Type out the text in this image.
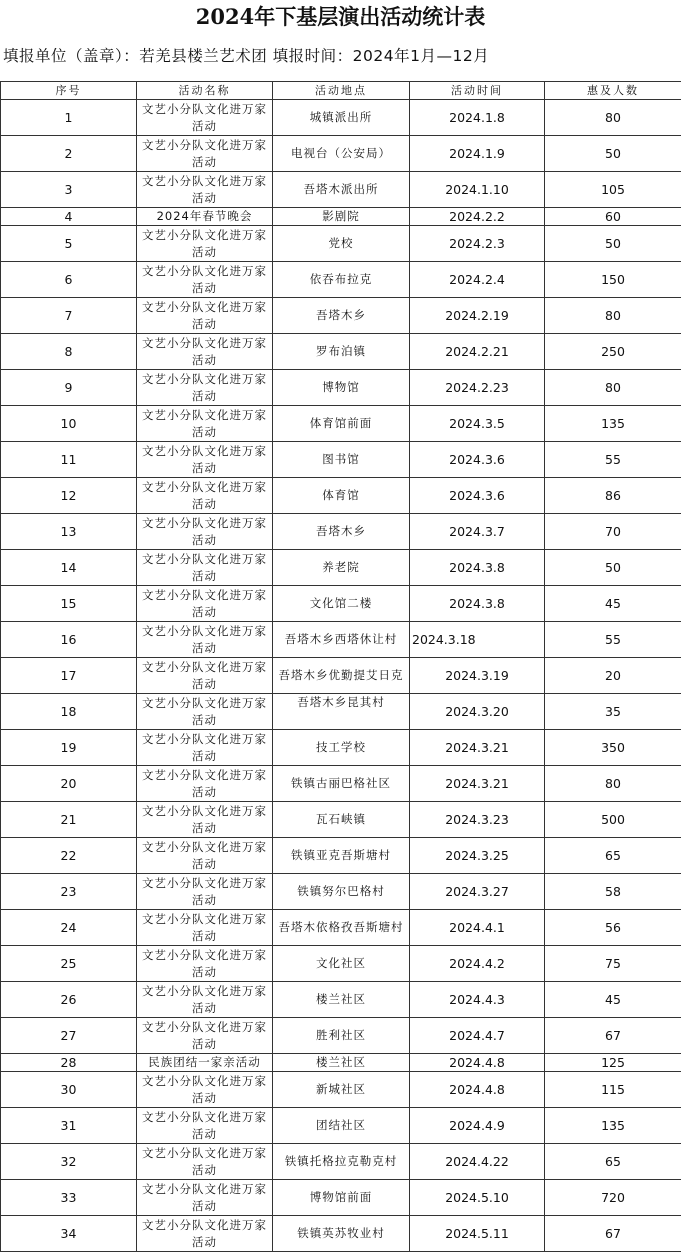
2024年下基层演出活动统计表
填报单位（盖章）：若羌县楼兰艺术团 填报时间：2024年1月—12月
序号	活动名称	活动地点	活动时间	惠及人数
1	文艺小分队文化进万家活动	城镇派出所	2024.1.8	80
2	文艺小分队文化进万家活动	电视台（公安局）	2024.1.9	50
3	文艺小分队文化进万家活动	吾塔木派出所	2024.1.10	105
4	2024年春节晚会	影剧院	2024.2.2	60
5	文艺小分队文化进万家活动	党校	2024.2.3	50
6	文艺小分队文化进万家活动	依吞布拉克	2024.2.4	150
7	文艺小分队文化进万家活动	吾塔木乡	2024.2.19	80
8	文艺小分队文化进万家活动	罗布泊镇	2024.2.21	250
9	文艺小分队文化进万家活动	博物馆	2024.2.23	80
10	文艺小分队文化进万家活动	体育馆前面	2024.3.5	135
11	文艺小分队文化进万家活动	图书馆	2024.3.6	55
12	文艺小分队文化进万家活动	体育馆	2024.3.6	86
13	文艺小分队文化进万家活动	吾塔木乡	2024.3.7	70
14	文艺小分队文化进万家活动	养老院	2024.3.8	50
15	文艺小分队文化进万家活动	文化馆二楼	2024.3.8	45
16	文艺小分队文化进万家活动	吾塔木乡西塔休让村	2024.3.18	55
17	文艺小分队文化进万家活动	吾塔木乡优勤提艾日克	2024.3.19	20
18	文艺小分队文化进万家活动	吾塔木乡昆其村	2024.3.20	35
19	文艺小分队文化进万家活动	技工学校	2024.3.21	350
20	文艺小分队文化进万家活动	铁镇古丽巴格社区	2024.3.21	80
21	文艺小分队文化进万家活动	瓦石峡镇	2024.3.23	500
22	文艺小分队文化进万家活动	铁镇亚克吾斯塘村	2024.3.25	65
23	文艺小分队文化进万家活动	铁镇努尔巴格村	2024.3.27	58
24	文艺小分队文化进万家活动	吾塔木依格孜吾斯塘村	2024.4.1	56
25	文艺小分队文化进万家活动	文化社区	2024.4.2	75
26	文艺小分队文化进万家活动	楼兰社区	2024.4.3	45
27	文艺小分队文化进万家活动	胜利社区	2024.4.7	67
28	民族团结一家亲活动	楼兰社区	2024.4.8	125
30	文艺小分队文化进万家活动	新城社区	2024.4.8	115
31	文艺小分队文化进万家活动	团结社区	2024.4.9	135
32	文艺小分队文化进万家活动	铁镇托格拉克勒克村	2024.4.22	65
33	文艺小分队文化进万家活动	博物馆前面	2024.5.10	720
34	文艺小分队文化进万家活动	铁镇英苏牧业村	2024.5.11	67
